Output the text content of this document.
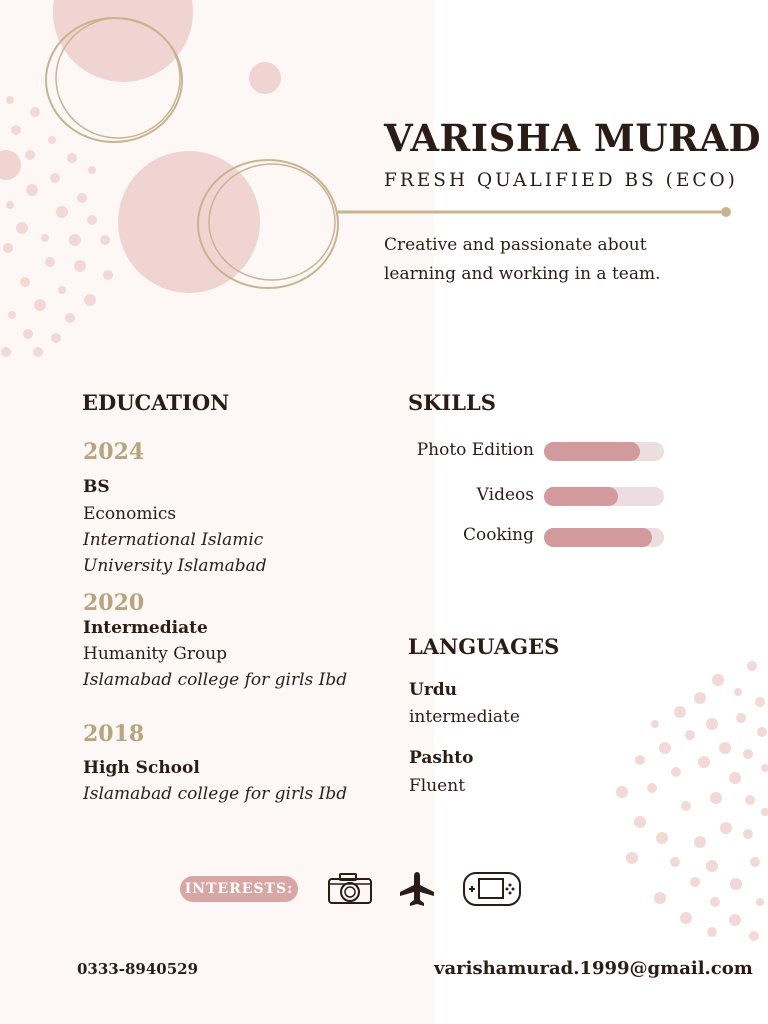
VARISHA MURAD
FRESH QUALIFIED BS (ECO)
Creative and passionate about
learning and working in a team.
EDUCATION
2024
BS
Economics
International Islamic
University Islamabad
2020
Intermediate
Humanity Group
Islamabad college for girls Ibd
2018
High School
Islamabad college for girls Ibd
SKILLS
Photo Edition
Videos
Cooking
LANGUAGES
Urdu
intermediate
Pashto
Fluent
INTERESTS:
0333-8940529	varishamurad.1999@gmail.com
